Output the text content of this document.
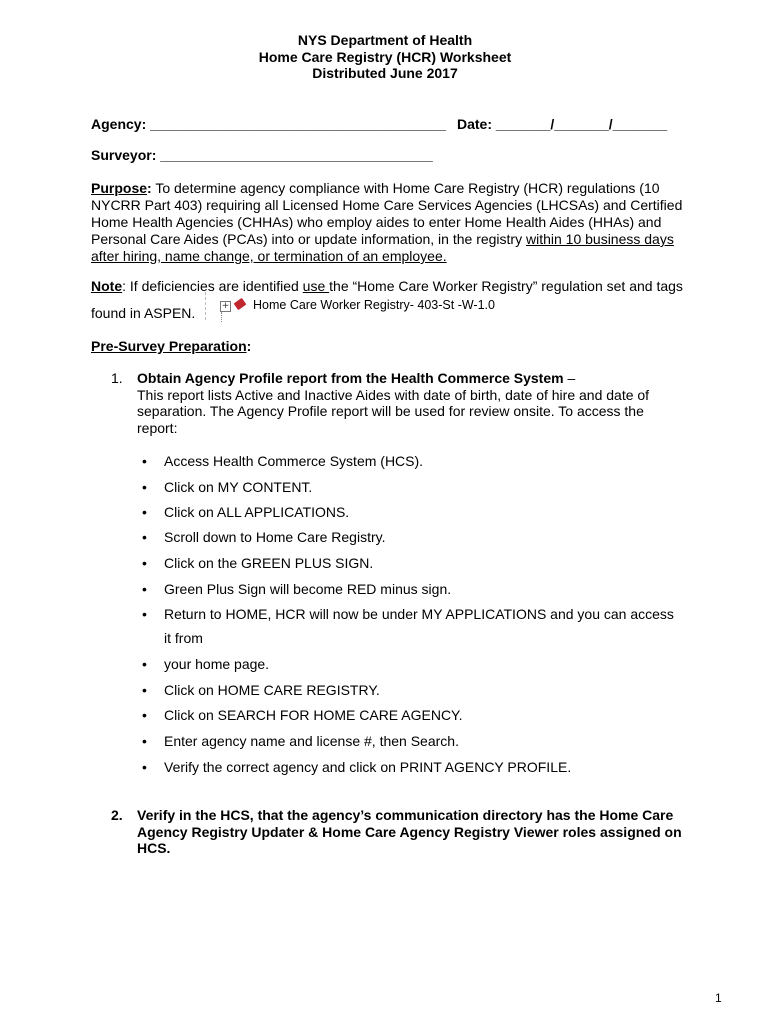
NYS Department of Health
Home Care Registry (HCR) Worksheet
Distributed June 2017
Agency: ______________________________________ Date: _______/_______/_______
Surveyor: ___________________________________
Purpose: To determine agency compliance with Home Care Registry (HCR) regulations (10 NYCRR Part 403) requiring all Licensed Home Care Services Agencies (LHCSAs) and Certified Home Health Agencies (CHHAs) who employ aides to enter Home Health Aides (HHAs) and Personal Care Aides (PCAs) into or update information, in the registry within 10 business days after hiring, name change, or termination of an employee.
Note: If deficiencies are identified use the “Home Care Worker Registry” regulation set and tags
found in ASPEN.	+ Home Care Worker Registry- 403-St -W-1.0
Pre-Survey Preparation:
1. Obtain Agency Profile report from the Health Commerce System –
This report lists Active and Inactive Aides with date of birth, date of hire and date of separation. The Agency Profile report will be used for review onsite. To access the report:
• Access Health Commerce System (HCS).
• Click on MY CONTENT.
• Click on ALL APPLICATIONS.
• Scroll down to Home Care Registry.
• Click on the GREEN PLUS SIGN.
• Green Plus Sign will become RED minus sign.
• Return to HOME, HCR will now be under MY APPLICATIONS and you can access
it from
• your home page.
• Click on HOME CARE REGISTRY.
• Click on SEARCH FOR HOME CARE AGENCY.
• Enter agency name and license #, then Search.
• Verify the correct agency and click on PRINT AGENCY PROFILE.
2. Verify in the HCS, that the agency’s communication directory has the Home Care Agency Registry Updater & Home Care Agency Registry Viewer roles assigned on HCS.
1
